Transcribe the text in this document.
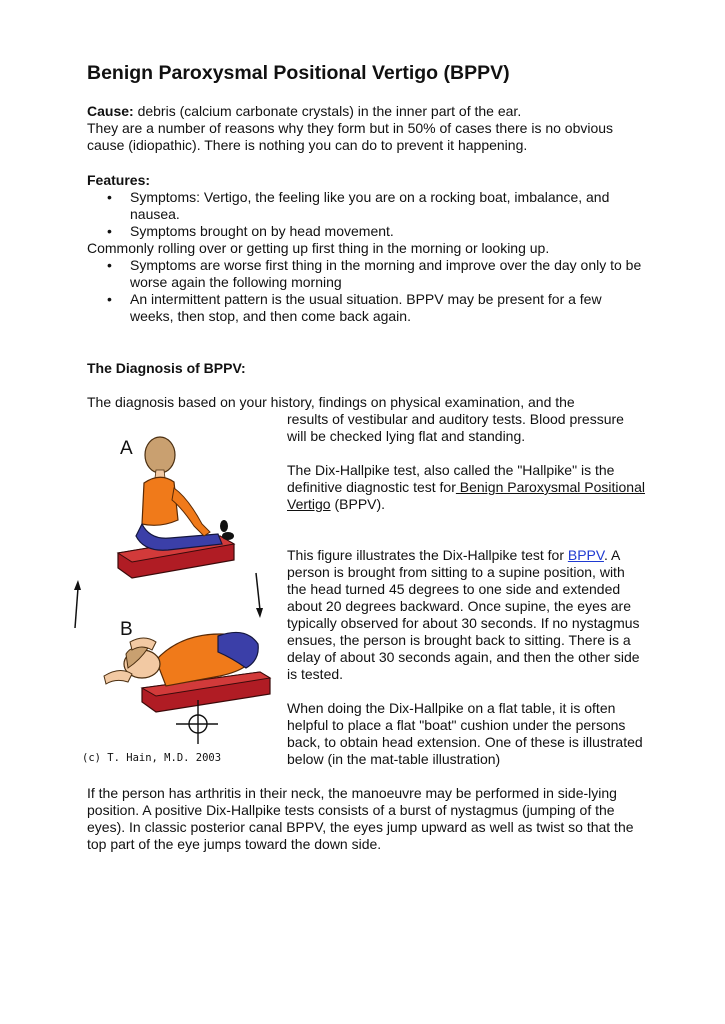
Benign Paroxysmal Positional Vertigo (BPPV)

Cause: debris (calcium carbonate crystals) in the inner part of the ear.
They are a number of reasons why they form but in 50% of cases there is no obvious cause (idiopathic). There is nothing you can do to prevent it happening.

Features:
• Symptoms: Vertigo, the feeling like you are on a rocking boat, imbalance, and nausea.
• Symptoms brought on by head movement.
Commonly rolling over or getting up first thing in the morning or looking up.
• Symptoms are worse first thing in the morning and improve over the day only to be worse again the following morning
• An intermittent pattern is the usual situation. BPPV may be present for a few weeks, then stop, and then come back again.
The Diagnosis of BPPV:
The diagnosis based on your history, findings on physical examination, and the
results of vestibular and auditory tests. Blood pressure will be checked lying flat and standing.

The Dix-Hallpike test, also called the "Hallpike" is the definitive diagnostic test for Benign Paroxysmal Positional Vertigo (BPPV).

This figure illustrates the Dix-Hallpike test for BPPV. A person is brought from sitting to a supine position, with the head turned 45 degrees to one side and extended about 20 degrees backward. Once supine, the eyes are typically observed for about 30 seconds. If no nystagmus ensues, the person is brought back to sitting. There is a delay of about 30 seconds again, and then the other side is tested.

When doing the Dix-Hallpike on a flat table, it is often helpful to place a flat "boat" cushion under the persons back, to obtain head extension. One of these is illustrated below (in the mat-table illustration)

If the person has arthritis in their neck, the manoeuvre may be performed in side-lying position. A positive Dix-Hallpike tests consists of a burst of nystagmus (jumping of the eyes). In classic posterior canal BPPV, the eyes jump upward as well as twist so that the top part of the eye jumps toward the down side.

A
B
(c) T. Hain, M.D. 2003
